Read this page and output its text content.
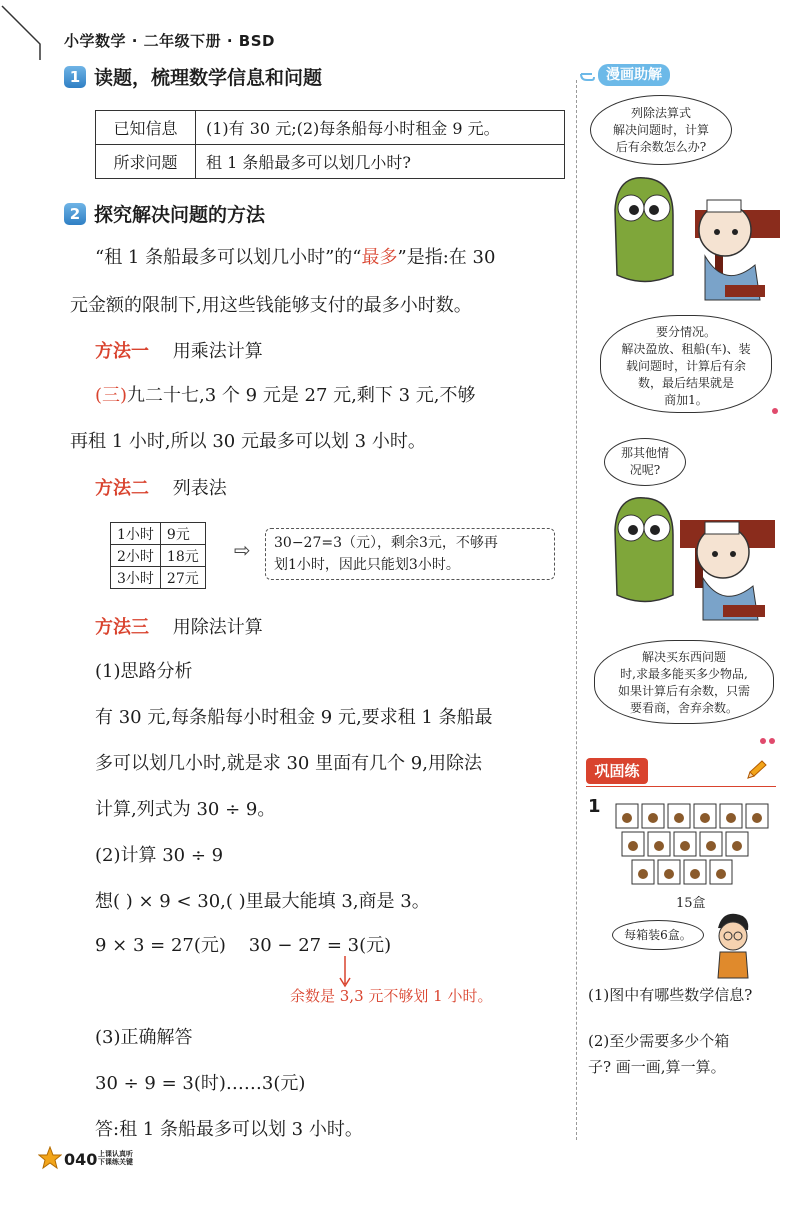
小学数学 · 二年级下册 · BSD
1 读题，梳理数学信息和问题
已知信息	(1)有 30 元;(2)每条船每小时租金 9 元。
所求问题	租 1 条船最多可以划几小时?
2 探究解决问题的方法
“租 1 条船最多可以划几小时”的“最多”是指:在 30
元金额的限制下,用这些钱能够支付的最多小时数。
方法一 用乘法计算
(三)九二十七,3 个 9 元是 27 元,剩下 3 元,不够
再租 1 小时,所以 30 元最多可以划 3 小时。
方法二 列表法
1小时	9元
2小时	18元
3小时	27元
⇨ 30−27=3（元），剩余3元，不够再
划1小时，因此只能划3小时。
方法三 用除法计算
(1)思路分析
有 30 元,每条船每小时租金 9 元,要求租 1 条船最
多可以划几小时,就是求 30 里面有几个 9,用除法
计算,列式为 30 ÷ 9。
(2)计算 30 ÷ 9
想( ) × 9 < 30,( )里最大能填 3,商是 3。
9 × 3 = 27(元)    30 − 27 = 3(元)
余数是 3,3 元不够划 1 小时。
(3)正确解答
30 ÷ 9 = 3(时)……3(元)
答:租 1 条船最多可以划 3 小时。
040 上课认真听
下课练关键
漫画助解
列除法算式
解决问题时，计算
后有余数怎么办?
要分情况。
解决盈放、租船(车)、装
载问题时，计算后有余
数，最后结果就是
商加1。
那其他情
况呢?
解决买东西问题
时,求最多能买多少物品,
如果计算后有余数，只需
要看商，舍弃余数。
巩固练
1
15盒
每箱装6盒。
(1)图中有哪些数学信息?
(2)至少需要多少个箱
子? 画一画,算一算。
